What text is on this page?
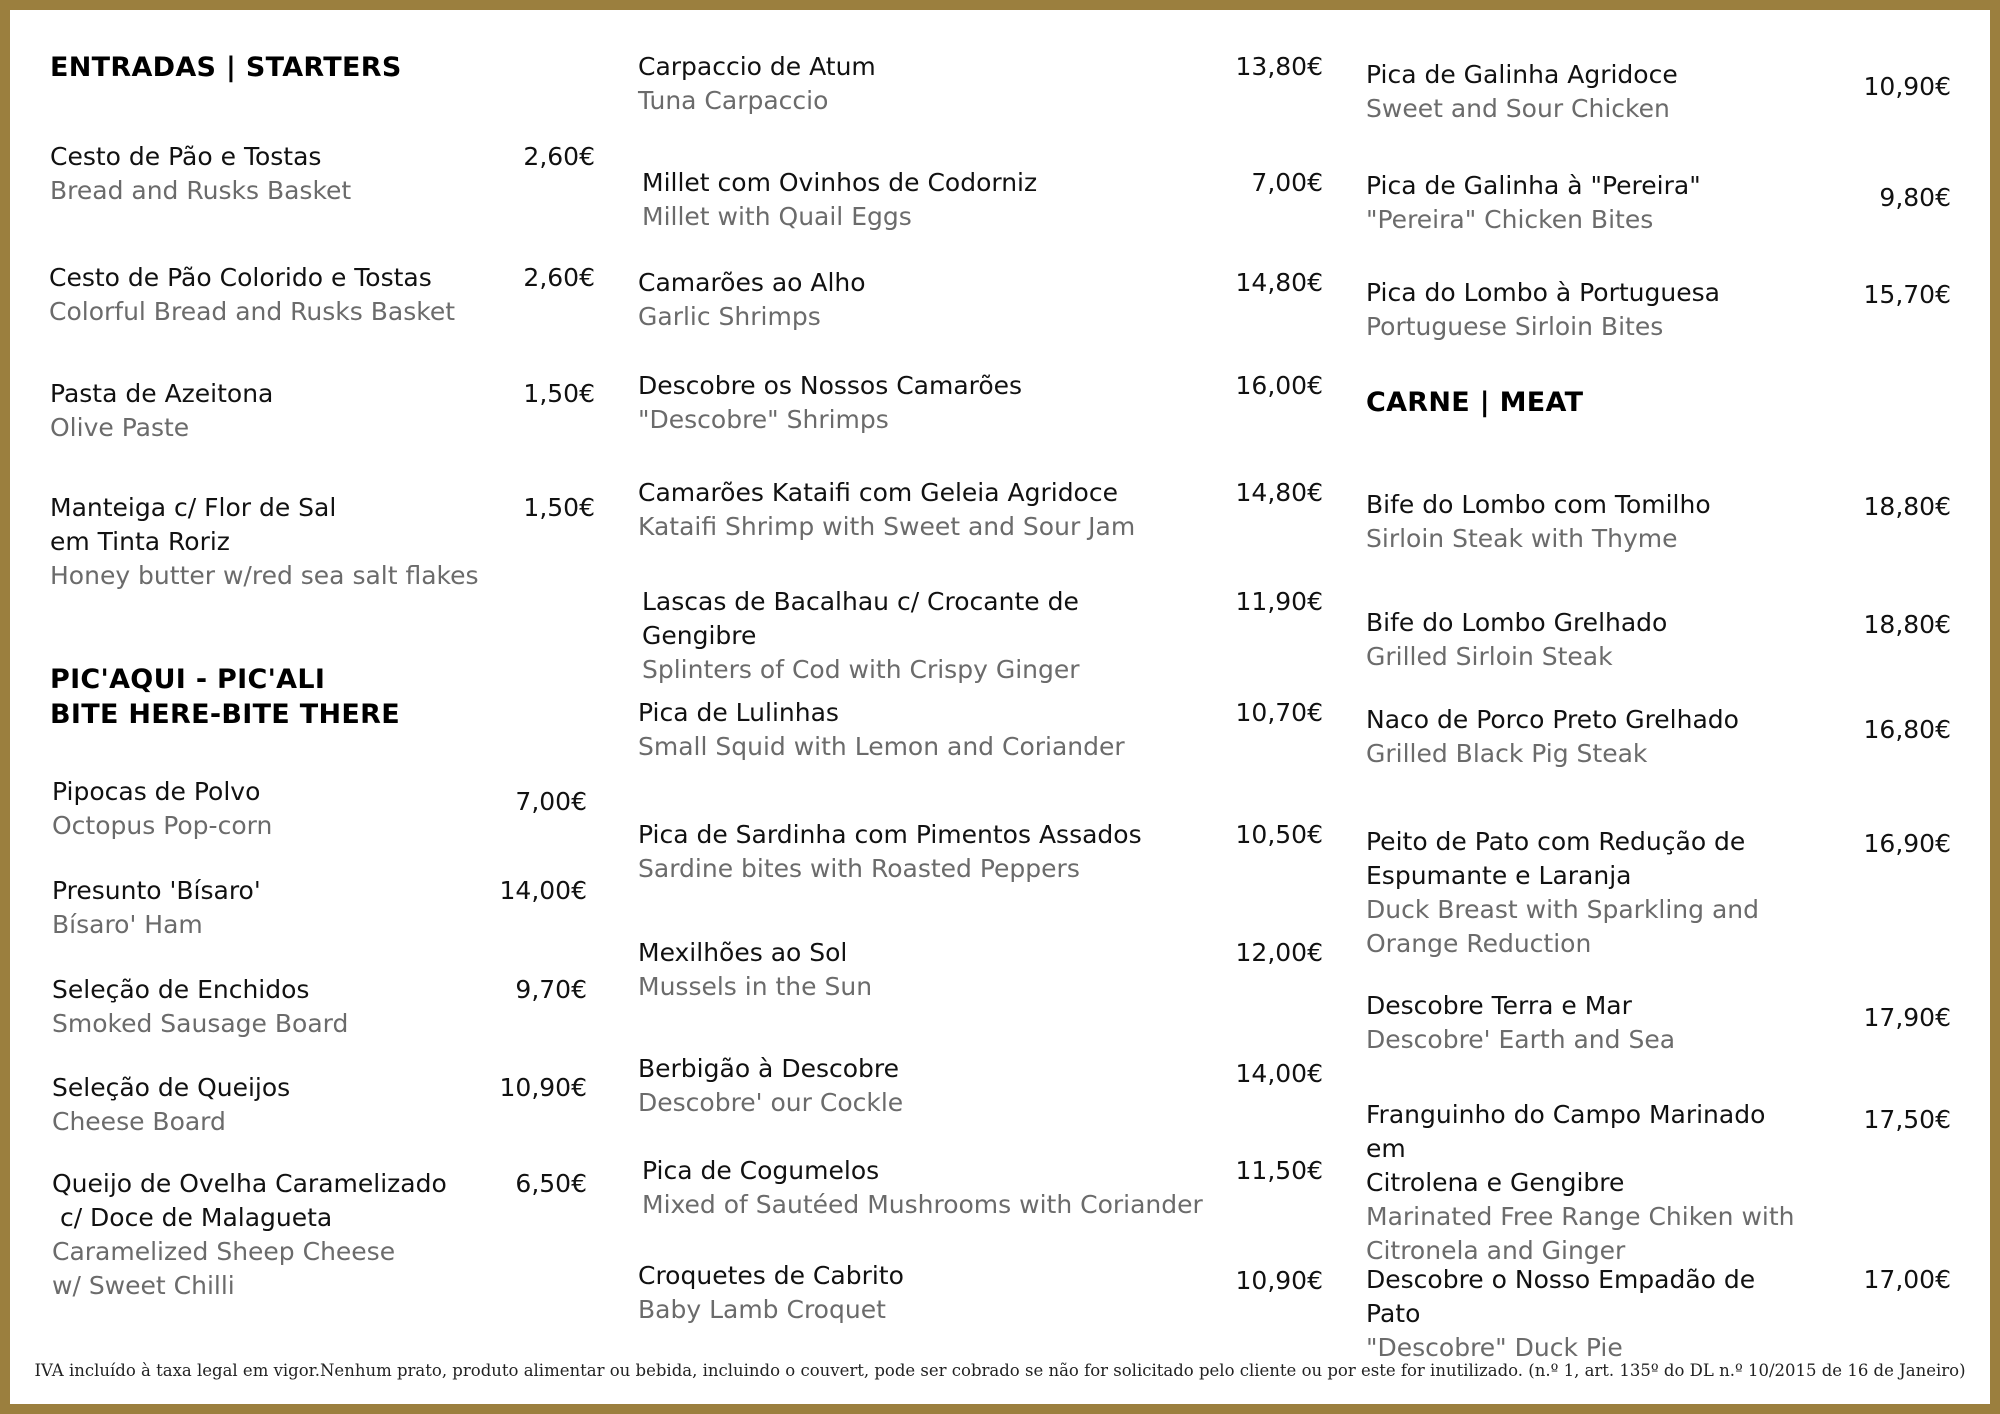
ENTRADAS | STARTERS
Cesto de Pão e Tostas
Bread and Rusks Basket
2,60€
Cesto de Pão Colorido e Tostas
Colorful Bread and Rusks Basket
2,60€
Pasta de Azeitona
Olive Paste
1,50€
Manteiga c/ Flor de Sal
em Tinta Roriz
Honey butter w/red sea salt flakes
1,50€
PIC'AQUI - PIC'ALI
BITE HERE-BITE THERE
Pipocas de Polvo
Octopus Pop-corn
7,00€
Presunto 'Bísaro'
Bísaro' Ham
14,00€
Seleção de Enchidos
Smoked Sausage Board
9,70€
Seleção de Queijos
Cheese Board
10,90€
Queijo de Ovelha Caramelizado
c/ Doce de Malagueta
Caramelized Sheep Cheese
w/ Sweet Chilli
6,50€
Carpaccio de Atum
Tuna Carpaccio
13,80€
Millet com Ovinhos de Codorniz
Millet with Quail Eggs
7,00€
Camarões ao Alho
Garlic Shrimps
14,80€
Descobre os Nossos Camarões
"Descobre" Shrimps
16,00€
Camarões Kataifi com Geleia Agridoce
Kataifi Shrimp with Sweet and Sour Jam
14,80€
Lascas de Bacalhau c/ Crocante de Gengibre
Splinters of Cod with Crispy Ginger
11,90€
Pica de Lulinhas
Small Squid with Lemon and Coriander
10,70€
Pica de Sardinha com Pimentos Assados
Sardine bites with Roasted Peppers
10,50€
Mexilhões ao Sol
Mussels in the Sun
12,00€
Berbigão à Descobre
Descobre' our Cockle
14,00€
Pica de Cogumelos
Mixed of Sautéed Mushrooms with Coriander
11,50€
Croquetes de Cabrito
Baby Lamb Croquet
10,90€
Pica de Galinha Agridoce
Sweet and Sour Chicken
10,90€
Pica de Galinha à "Pereira"
"Pereira" Chicken Bites
9,80€
Pica do Lombo à Portuguesa
Portuguese Sirloin Bites
15,70€
CARNE | MEAT
Bife do Lombo com Tomilho
Sirloin Steak with Thyme
18,80€
Bife do Lombo Grelhado
Grilled Sirloin Steak
18,80€
Naco de Porco Preto Grelhado
Grilled Black Pig Steak
16,80€
Peito de Pato com Redução de
Espumante e Laranja
Duck Breast with Sparkling and
Orange Reduction
16,90€
Descobre Terra e Mar
Descobre' Earth and Sea
17,90€
Franguinho do Campo Marinado em
Citrolena e Gengibre
Marinated Free Range Chiken with
Citronela and Ginger
17,50€
Descobre o Nosso Empadão de Pato
"Descobre" Duck Pie
17,00€
IVA incluído à taxa legal em vigor.Nenhum prato, produto alimentar ou bebida, incluindo o couvert, pode ser cobrado se não for solicitado pelo cliente ou por este for inutilizado. (n.º 1, art. 135º do DL n.º 10/2015 de 16 de Janeiro)
